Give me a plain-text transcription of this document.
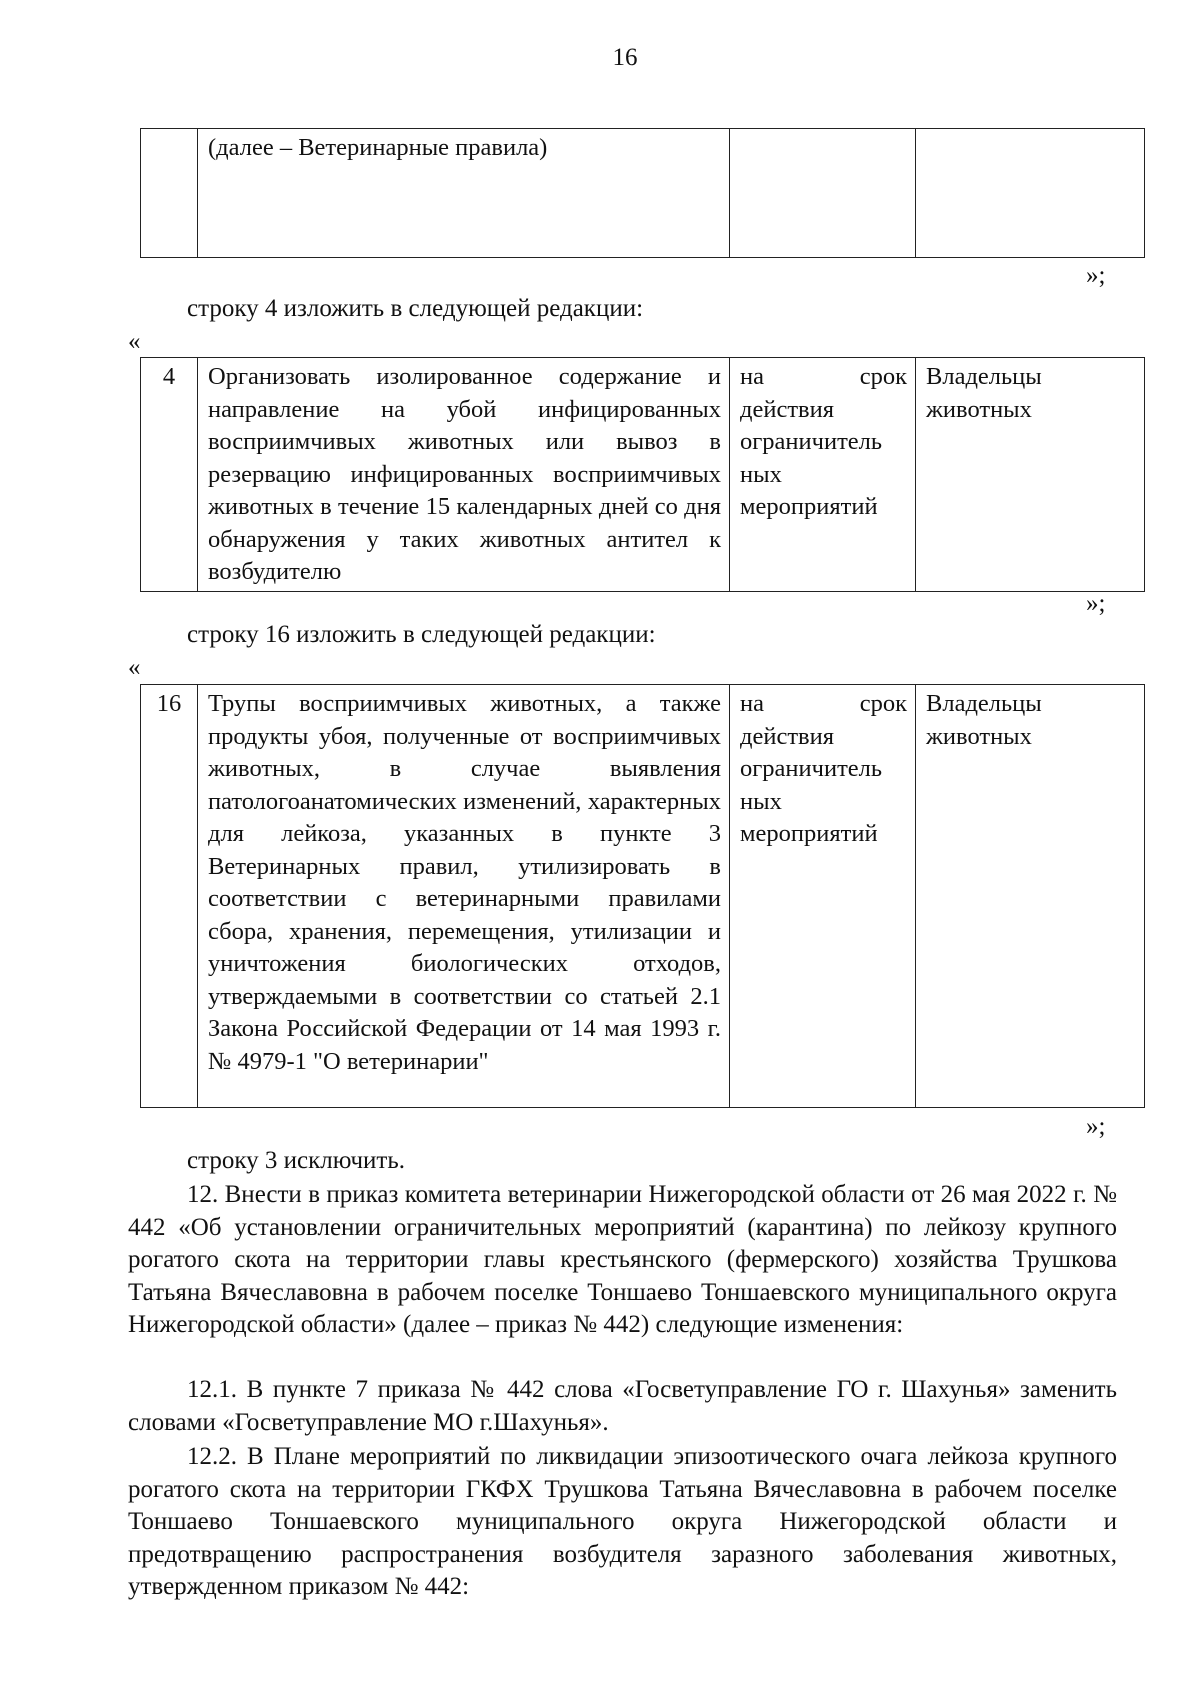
16
	(далее – Ветеринарные правила)		
»;
строку 4 изложить в следующей редакции:
«
4	Организовать изолированное содержание и направление на убой инфицированных восприимчивых животных или вывоз в резервацию инфицированных восприимчивых животных в течение 15 календарных дней со дня обнаружения у таких животных антител к возбудителю	на срок действия ограничитель ных мероприятий	Владельцы животных
»;
строку 16 изложить в следующей редакции:
«
16	Трупы восприимчивых животных, а также продукты убоя, полученные от восприимчивых животных, в случае выявления патологоанатомических изменений, характерных для лейкоза, указанных в пункте 3 Ветеринарных правил, утилизировать в соответствии с ветеринарными правилами сбора, хранения, перемещения, утилизации и уничтожения биологических отходов, утверждаемыми в соответствии со статьей 2.1 Закона Российской Федерации от 14 мая 1993 г. № 4979-1 "О ветеринарии"	на срок действия ограничитель ных мероприятий	Владельцы животных
»;
строку 3 исключить.
12. Внести в приказ комитета ветеринарии Нижегородской области от 26 мая 2022 г. № 442 «Об установлении ограничительных мероприятий (карантина) по лейкозу крупного рогатого скота на территории главы крестьянского (фермерского) хозяйства Трушкова Татьяна Вячеславовна в рабочем поселке Тоншаево Тоншаевского муниципального округа Нижегородской области» (далее – приказ № 442) следующие изменения:
12.1. В пункте 7 приказа № 442 слова «Госветуправление ГО г. Шахунья» заменить словами «Госветуправление МО г.Шахунья».
12.2. В Плане мероприятий по ликвидации эпизоотического очага лейкоза крупного рогатого скота на территории ГКФХ Трушкова Татьяна Вячеславовна в рабочем поселке Тоншаево Тоншаевского муниципального округа Нижегородской области и предотвращению распространения возбудителя заразного заболевания животных, утвержденном приказом № 442:
